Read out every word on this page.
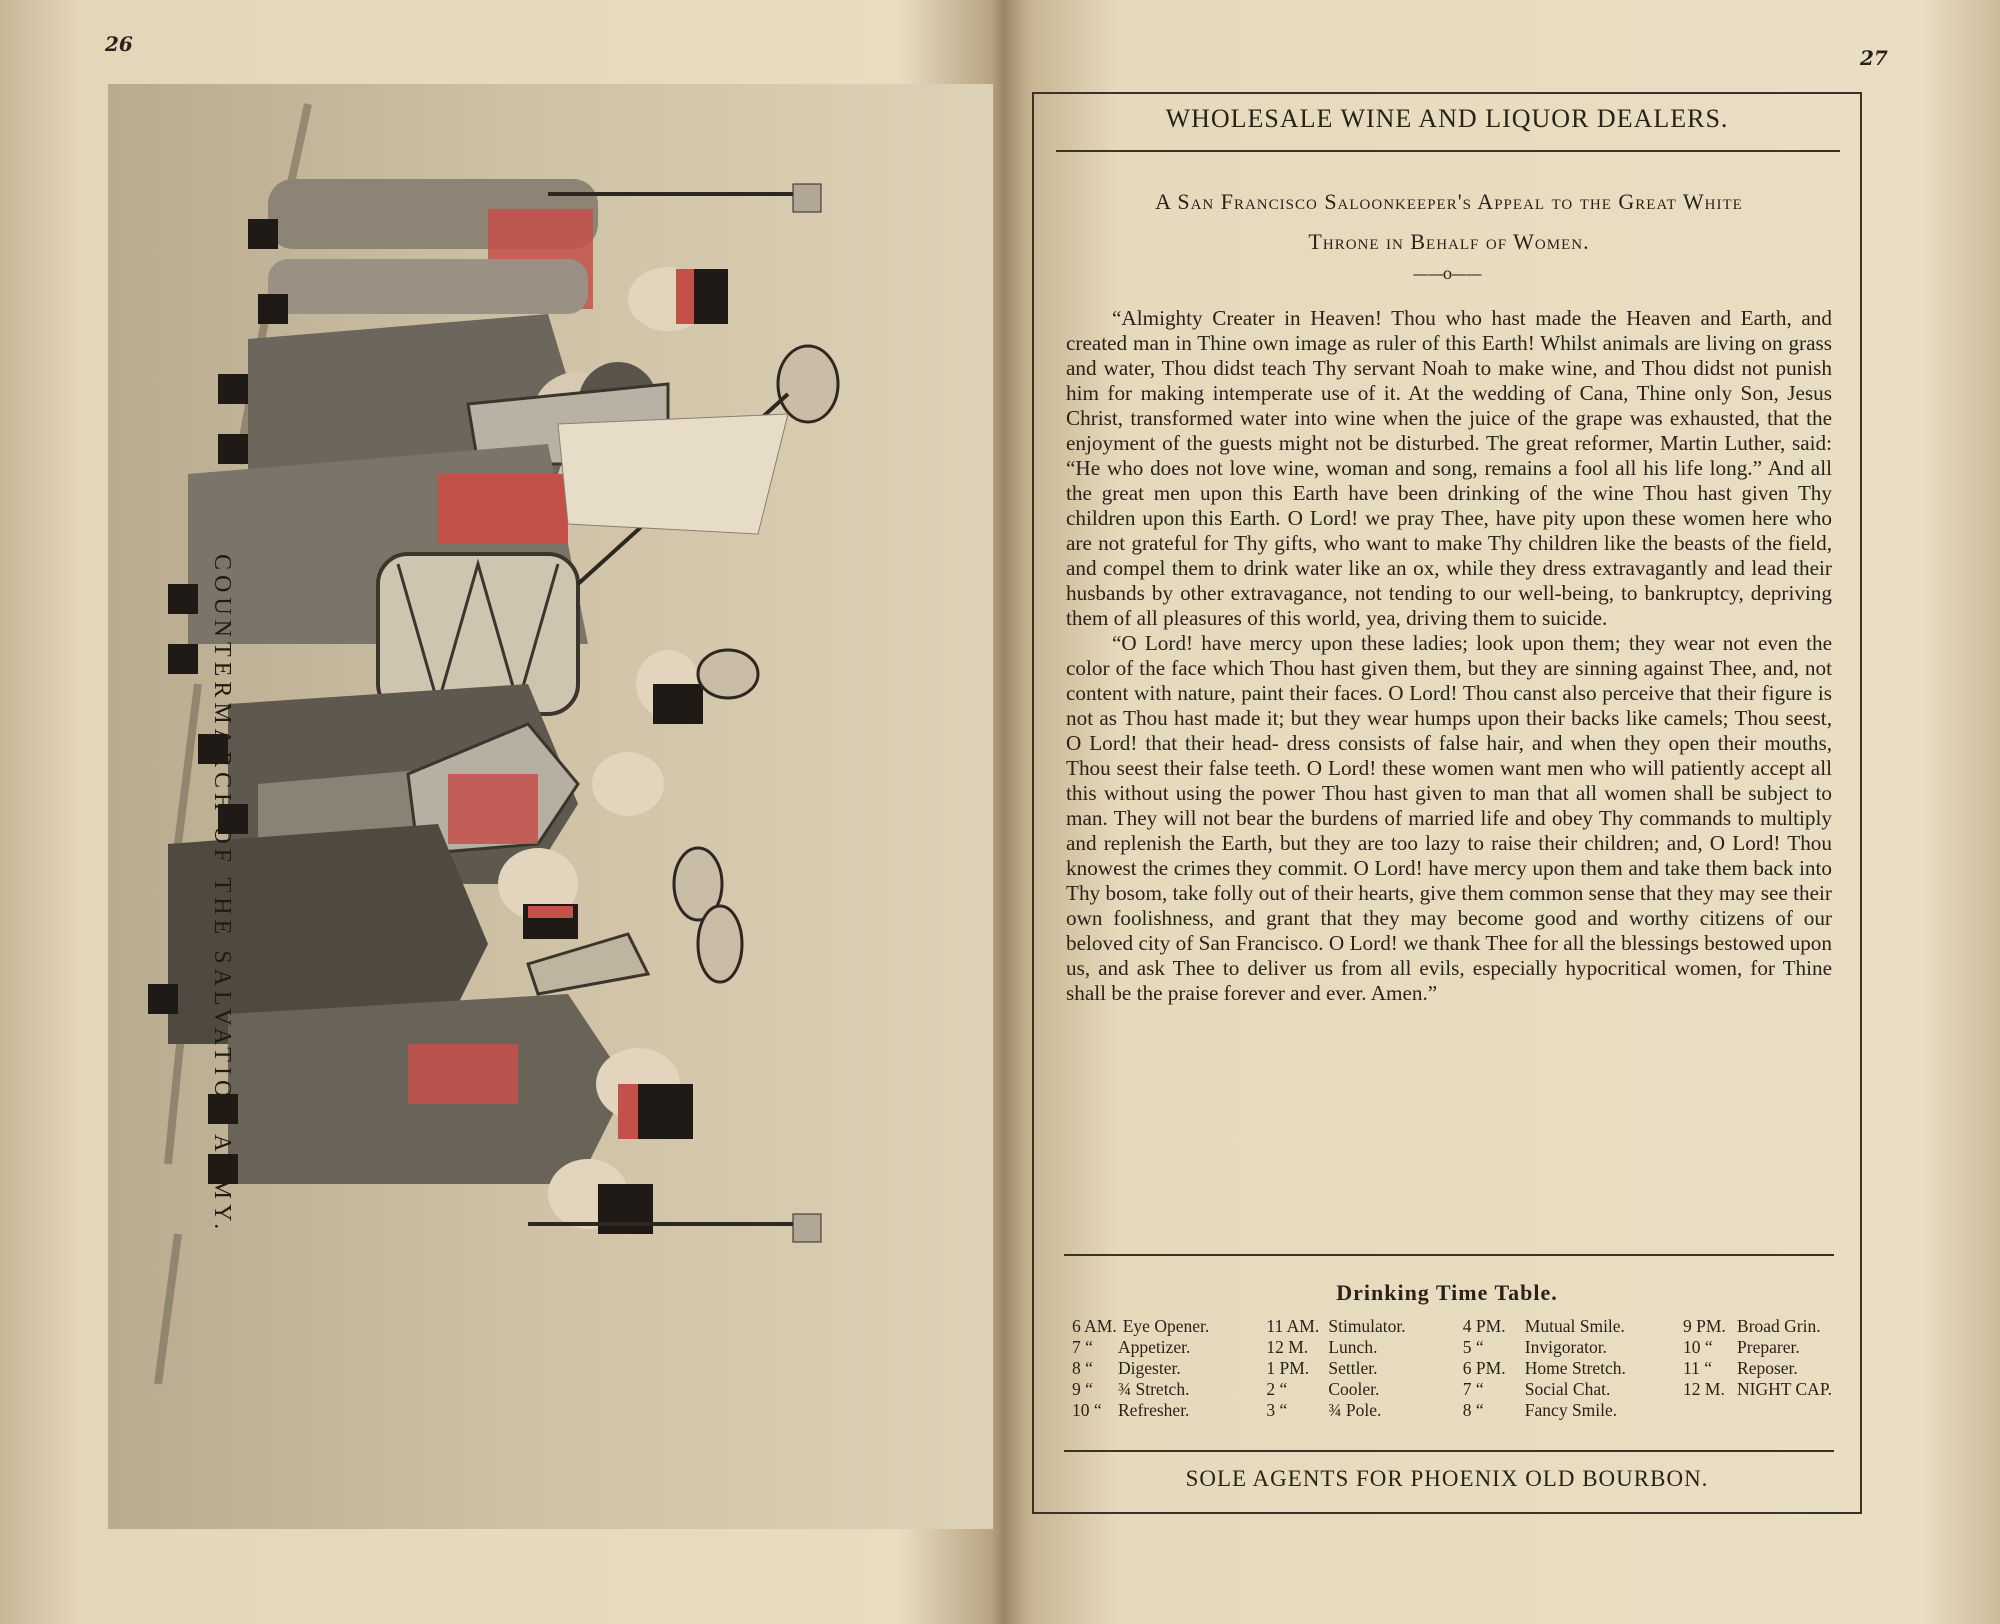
26
COUNTERMARCH OF THE SALVATION ARMY.
27
WHOLESALE WINE AND LIQUOR DEALERS.
A San Francisco Saloonkeeper's Appeal to the Great White
Throne in Behalf of Women.
——o——

“Almighty Creater in Heaven! Thou who hast made the Heaven and Earth, and created man in Thine own image as ruler of this Earth! Whilst animals are living on grass and water, Thou didst teach Thy servant Noah to make wine, and Thou didst not punish him for making intemperate use of it. At the wedding of Cana, Thine only Son, Jesus Christ, transformed water into wine when the juice of the grape was exhausted, that the enjoyment of the guests might not be disturbed. The great reformer, Martin Luther, said: “He who does not love wine, woman and song, remains a fool all his life long.” And all the great men upon this Earth have been drinking of the wine Thou hast given Thy children upon this Earth. O Lord! we pray Thee, have pity upon these women here who are not grateful for Thy gifts, who want to make Thy children like the beasts of the field, and compel them to drink water like an ox, while they dress extravagantly and lead their husbands by other extravagance, not tending to our well-being, to bankruptcy, depriving them of all pleasures of this world, yea, driving them to suicide.

“O Lord! have mercy upon these ladies; look upon them; they wear not even the color of the face which Thou hast given them, but they are sinning against Thee, and, not content with nature, paint their faces. O Lord! Thou canst also perceive that their figure is not as Thou hast made it; but they wear humps upon their backs like camels; Thou seest, O Lord! that their head- dress consists of false hair, and when they open their mouths, Thou seest their false teeth. O Lord! these women want men who will patiently accept all this without using the power Thou hast given to man that all women shall be subject to man. They will not bear the burdens of married life and obey Thy commands to multiply and replenish the Earth, but they are too lazy to raise their children; and, O Lord! Thou knowest the crimes they commit. O Lord! have mercy upon them and take them back into Thy bosom, take folly out of their hearts, give them common sense that they may see their own foolishness, and grant that they may become good and worthy citizens of our beloved city of San Francisco. O Lord! we thank Thee for all the blessings bestowed upon us, and ask Thee to deliver us from all evils, especially hypocritical women, for Thine shall be the praise forever and ever. Amen.”

Drinking Time Table.
6 AM. Eye Opener.
7 “	Appetizer.
8 “	Digester.
9 “	¾ Stretch.
10 “ Refresher.
11 AM. Stimulator.
12 M.	Lunch.
1 PM.	Settler.
2 “	Cooler.
3 “	¾ Pole.
4 PM.	Mutual Smile.
5 “	Invigorator.
6 PM.	Home Stretch.
7 “	Social Chat.
8 “	Fancy Smile.
9 PM. Broad Grin.
10 “	Preparer.
11 “	Reposer.
12 M. NIGHT CAP.
SOLE AGENTS FOR PHOENIX OLD BOURBON.
